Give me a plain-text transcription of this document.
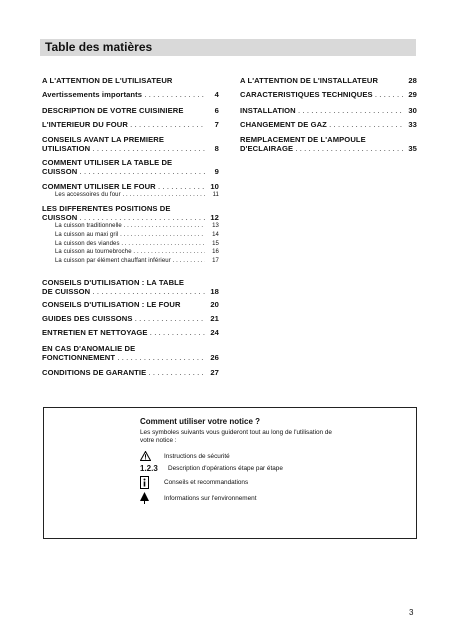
Table des matières
A L'ATTENTION DE L'UTILISATEUR
Avertissements importants . . .	4
DESCRIPTION DE VOTRE CUISINIERE	6
L'INTERIEUR DU FOUR . . .	7
CONSEILS AVANT LA PREMIERE
UTILISATION . . .	8
COMMENT UTILISER LA TABLE DE
CUISSON . . .	9
COMMENT UTILISER LE FOUR . . .	10
Les accessoires du four . . .	11
LES DIFFERENTES POSITIONS DE
CUISSON . . .	12
La cuisson traditionnelle . . .	13
La cuisson au maxi gril . . .	14
La cuisson des viandes . . .	15
La cuisson au tournebroche . . .	16
La cuisson par élément chauffant inférieur . . .	17
CONSEILS D'UTILISATION : LA TABLE
DE CUISSON . . .	18
CONSEILS D'UTILISATION : LE FOUR	20
GUIDES DES CUISSONS . . .	21
ENTRETIEN ET NETTOYAGE . . .	24
EN CAS D'ANOMALIE DE
FONCTIONNEMENT . . .	26
CONDITIONS DE GARANTIE . . .	27
A L'ATTENTION DE L'INSTALLATEUR	28
CARACTERISTIQUES TECHNIQUES . . .	29
INSTALLATION . . .	30
CHANGEMENT DE GAZ . . .	33
REMPLACEMENT DE L'AMPOULE
D'ECLAIRAGE . . .	35
Comment utiliser votre notice ?
Les symboles suivants vous guideront tout au long de l'utilisation de votre notice :
Instructions de sécurité
1.2.3	Description d'opérations étape par étape
Conseils et recommandations
Informations sur l'environnement
3
